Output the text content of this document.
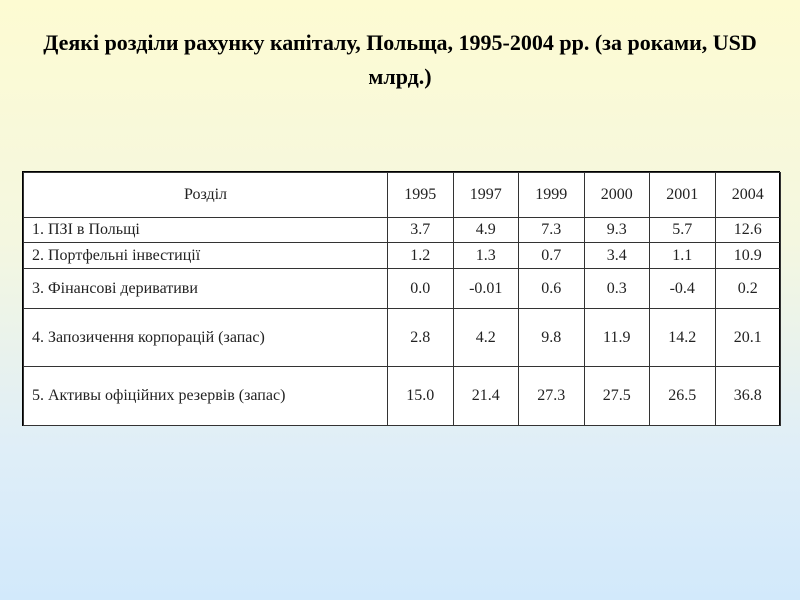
Деякі розділи рахунку капіталу, Польща, 1995-2004 рр. (за роками, USD млрд.)
Розділ	1995	1997	1999	2000	2001	2004
1. ПЗІ в Польщі	3.7	4.9	7.3	9.3	5.7	12.6
2. Портфельні інвестиції	1.2	1.3	0.7	3.4	1.1	10.9
3. Фінансові деривативи	0.0	-0.01	0.6	0.3	-0.4	0.2
4. Запозичення корпорацій (запас)	2.8	4.2	9.8	11.9	14.2	20.1
5. Активы офіційних резервів (запас)	15.0	21.4	27.3	27.5	26.5	36.8
